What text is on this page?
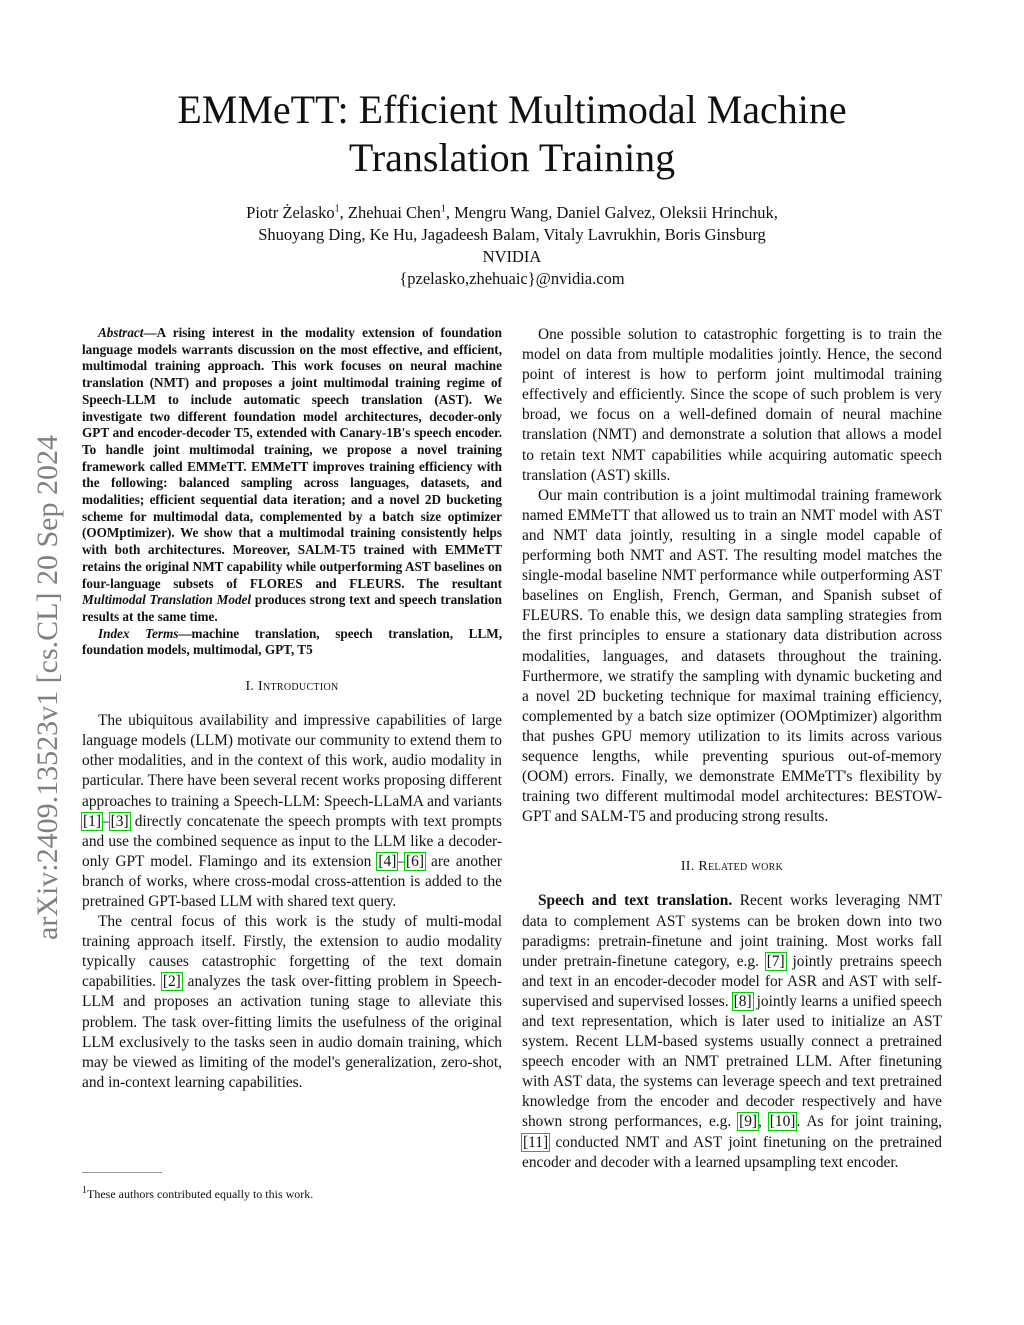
EMMeTT: Efficient Multimodal Machine
Translation Training
Piotr Żelasko$^1$, Zhehuai Chen$^1$, Mengru Wang, Daniel Galvez, Oleksii Hrinchuk,
Shuoyang Ding, Ke Hu, Jagadeesh Balam, Vitaly Lavrukhin, Boris Ginsburg
NVIDIA
{pzelasko,zhehuaic}@nvidia.com
arXiv:2409.13523v1 [cs.CL] 20 Sep 2024

Abstract—A rising interest in the modality extension of foundation language models warrants discussion on the most effective, and efficient, multimodal training approach. This work focuses on neural machine translation (NMT) and proposes a joint multimodal training regime of Speech-LLM to include automatic speech translation (AST). We investigate two different foundation model architectures, decoder-only GPT and encoder-decoder T5, extended with Canary-1B's speech encoder. To handle joint multimodal training, we propose a novel training framework called EMMeTT. EMMeTT improves training efficiency with the following: balanced sampling across languages, datasets, and modalities; efficient sequential data iteration; and a novel 2D bucketing scheme for multimodal data, complemented by a batch size optimizer (OOMptimizer). We show that a multimodal training consistently helps with both architectures. Moreover, SALM-T5 trained with EMMeTT retains the original NMT capability while outperforming AST baselines on four-language subsets of FLORES and FLEURS. The resultant Multimodal Translation Model produces strong text and speech translation results at the same time.

Index Terms—machine translation, speech translation, LLM, foundation models, multimodal, GPT, T5

I. Introduction

The ubiquitous availability and impressive capabilities of large language models (LLM) motivate our community to extend them to other modalities, and in the context of this work, audio modality in particular. There have been several recent works proposing different approaches to training a Speech-LLM: Speech-LLaMA and variants [1]–[3] directly concatenate the speech prompts with text prompts and use the combined sequence as input to the LLM like a decoder-only GPT model. Flamingo and its extension [4]–[6] are another branch of works, where cross-modal cross-attention is added to the pretrained GPT-based LLM with shared text query.

The central focus of this work is the study of multi-modal training approach itself. Firstly, the extension to audio modality typically causes catastrophic forgetting of the text domain capabilities. [2] analyzes the task over-fitting problem in Speech-LLM and proposes an activation tuning stage to alleviate this problem. The task over-fitting limits the usefulness of the original LLM exclusively to the tasks seen in audio domain training, which may be viewed as limiting of the model's generalization, zero-shot, and in-context learning capabilities.

$^1$These authors contributed equally to this work.

One possible solution to catastrophic forgetting is to train the model on data from multiple modalities jointly. Hence, the second point of interest is how to perform joint multimodal training effectively and efficiently. Since the scope of such problem is very broad, we focus on a well-defined domain of neural machine translation (NMT) and demonstrate a solution that allows a model to retain text NMT capabilities while acquiring automatic speech translation (AST) skills.

Our main contribution is a joint multimodal training framework named EMMeTT that allowed us to train an NMT model with AST and NMT data jointly, resulting in a single model capable of performing both NMT and AST. The resulting model matches the single-modal baseline NMT performance while outperforming AST baselines on English, French, German, and Spanish subset of FLEURS. To enable this, we design data sampling strategies from the first principles to ensure a stationary data distribution across modalities, languages, and datasets throughout the training. Furthermore, we stratify the sampling with dynamic bucketing and a novel 2D bucketing technique for maximal training efficiency, complemented by a batch size optimizer (OOMptimizer) algorithm that pushes GPU memory utilization to its limits across various sequence lengths, while preventing spurious out-of-memory (OOM) errors. Finally, we demonstrate EMMeTT's flexibility by training two different multimodal model architectures: BESTOW-GPT and SALM-T5 and producing strong results.

II. Related work

Speech and text translation. Recent works leveraging NMT data to complement AST systems can be broken down into two paradigms: pretrain-finetune and joint training. Most works fall under pretrain-finetune category, e.g. [7] jointly pretrains speech and text in an encoder-decoder model for ASR and AST with self-supervised and supervised losses. [8] jointly learns a unified speech and text representation, which is later used to initialize an AST system. Recent LLM-based systems usually connect a pretrained speech encoder with an NMT pretrained LLM. After finetuning with AST data, the systems can leverage speech and text pretrained knowledge from the encoder and decoder respectively and have shown strong performances, e.g. [9], [10]. As for joint training, [11] conducted NMT and AST joint finetuning on the pretrained encoder and decoder with a learned upsampling text encoder.
